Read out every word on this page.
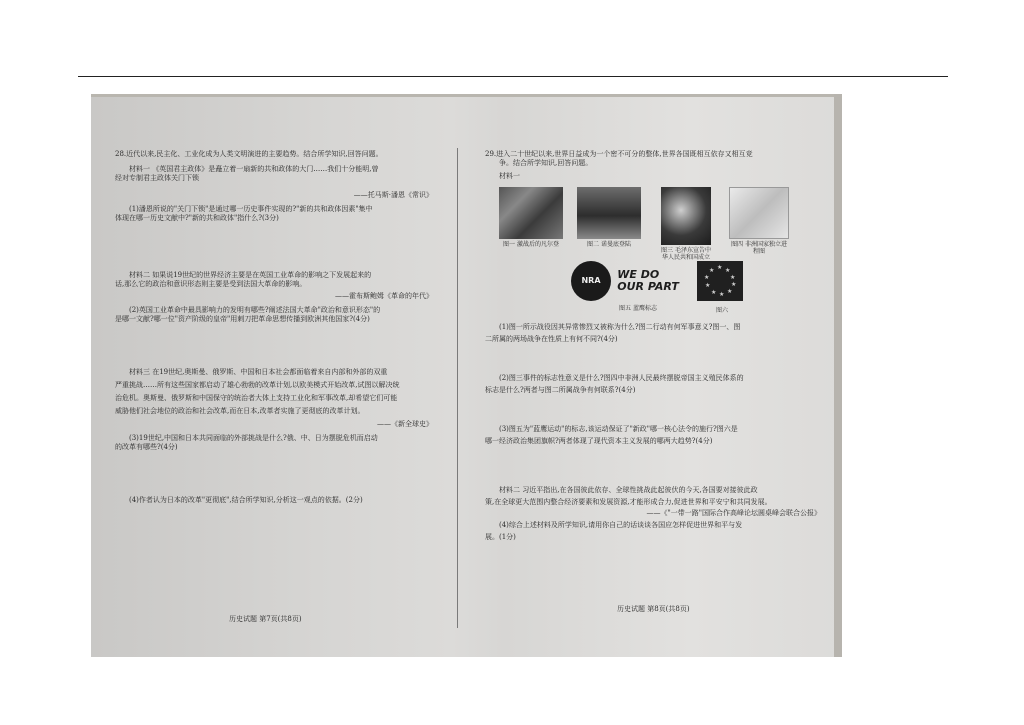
28.近代以来,民主化、工业化成为人类文明演进的主要趋势。结合所学知识,回答问题。

材料一 《英国君主政体》是矗立着一扇新的共和政体的大门……我们十分能明,曾

经对专制君主政体关门下锁

——托马斯·潘恩《常识》

(1)潘恩所说的"关门下锁"是通过哪一历史事件实现的?"新的共和政体因素"集中

体现在哪一历史文献中?"新的共和政体"指什么?(3分)

材料二 如果说19世纪的世界经济主要是在英国工业革命的影响之下发展起来的

话,那么它的政治和意识形态则主要是受到法国大革命的影响。

——霍布斯鲍姆《革命的年代》

(2)英国工业革命中最具影响力的发明有哪些?阐述法国大革命"政治和意识形态"的

是哪一文献?哪一位"资产阶级的皇帝"用刺刀把革命思想传播到欧洲其他国家?(4分)

材料三 在19世纪,奥斯曼、俄罗斯、中国和日本社会都面临着来自内部和外部的双重

严重挑战……所有这些国家都启动了雄心勃勃的改革计划,以欧美模式开始改革,试图以解决统

治危机。奥斯曼、俄罗斯和中国保守的统治者大体上支持工业化和军事改革,却希望它们可能

威胁他们社会地位的政治和社会改革,而在日本,改革者实施了更彻底的改革计划。

——《新全球史》

(3)19世纪,中国和日本共同面临的外部挑战是什么?俄、中、日为摆脱危机而启动

的改革有哪些?(4分)

(4)作者认为日本的改革"更彻底",结合所学知识,分析这一观点的依据。(2分)

历史试题 第7页(共8页)

29.进入二十世纪以来,世界日益成为一个密不可分的整体,世界各国既相互依存又相互竞

争。结合所学知识,回答问题。

材料一

图一 激战后的凡尔登	图二 诺曼底登陆
图三 毛泽东宣告中华人民共和国成立
图四 非洲国家独立进程图
NRA WE DO
OUR PART
图五 蓝鹰标志
★ ★
★
★
★
★
★
★
★
★
图六

(1)图一所示战役因其异常惨烈又被称为什么?图二行动有何军事意义?图一、图

二所属的两场战争在性质上有何不同?(4分)

(2)图三事件的标志性意义是什么?图四中非洲人民最终摆脱帝国主义殖民体系的

标志是什么?两者与图二所属战争有何联系?(4分)

(3)图五为"蓝鹰运动"的标志,该运动保证了"新政"哪一核心法令的施行?图六是

哪一经济政治集团旗帜?两者体现了现代资本主义发展的哪两大趋势?(4分)

材料二 习近平指出,在各国彼此依存、全球性挑战此起彼伏的今天,各国要对接彼此政

策,在全球更大范围内整合经济要素和发展资源,才能形成合力,促进世界和平安宁和共同发展。

——《"一带一路"国际合作高峰论坛圆桌峰会联合公报》

(4)综合上述材料及所学知识,请用你自己的话谈谈各国应怎样促进世界和平与发

展。(1分)

历史试题 第8页(共8页)
